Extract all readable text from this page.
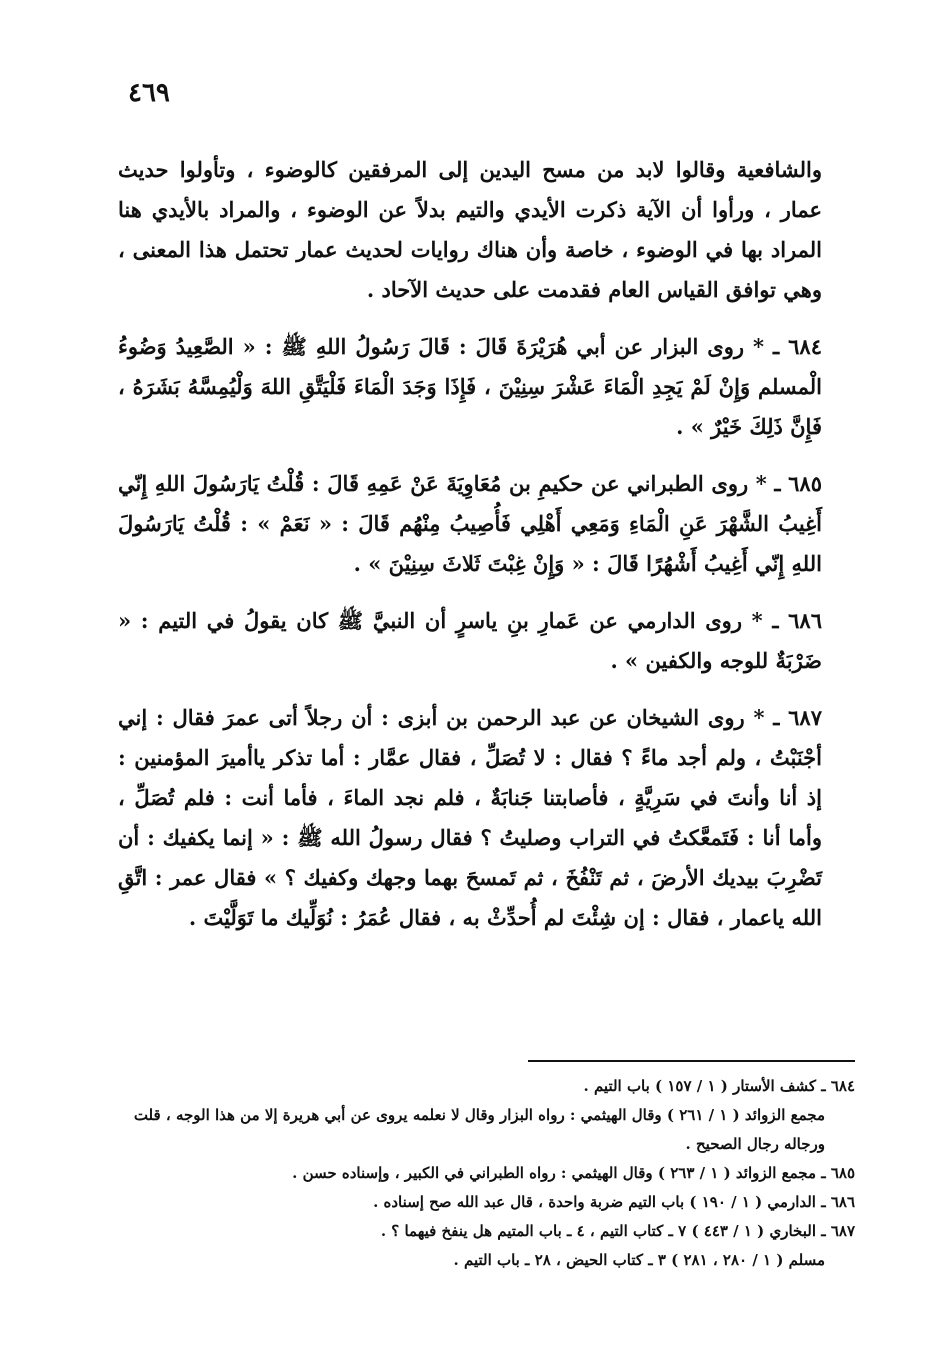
٤٦٩

والشافعية وقالوا لابد من مسح اليدين إلى المرفقين كالوضوء ، وتأولوا حديث عمار ، ورأوا أن الآية ذكرت الأيدي والتيم بدلاً عن الوضوء ، والمراد بالأيدي هنا المراد بها في الوضوء ، خاصة وأن هناك روايات لحديث عمار تحتمل هذا المعنى ، وهي توافق القياس العام فقدمت على حديث الآحاد .

٦٨٤ ـ * روى البزار عن أبي هُرَيْرَةَ قَالَ : قَالَ رَسُولُ اللهِ ﷺ : « الصَّعِيدُ وَضُوءُ الْمسلم وَإِنْ لَمْ يَجِدِ الْمَاءَ عَشْرَ سِنِيْنَ ، فَإِذَا وَجَدَ الْمَاءَ فَلْيَتَّقِ اللهَ وَلْيُمِسَّهُ بَشَرَهُ ، فَإِنَّ ذَلِكَ خَيْرٌ » .

٦٨٥ ـ * روى الطبراني عن حكيمِ بن مُعَاوِيَةَ عَنْ عَمِهِ قَالَ : قُلْتُ يَارَسُولَ اللهِ إِنّي أَغِيبُ الشَّهْرَ عَنِ الْمَاءِ وَمَعِي أَهْلِي فَأُصِيبُ مِنْهُم قَالَ : « نَعَمْ » : قُلْتُ يَارَسُولَ اللهِ إِنّي أَغِيبُ أَشْهُرًا قَالَ : « وَإِنْ غِبْتَ ثَلاثَ سِنِيْنَ » .

٦٨٦ ـ * روى الدارمي عن عَمارِ بنِ ياسرٍ أن النبيَّ ﷺ كان يقولُ في التيم : « ضَرْبَةٌ للوجه والكفين » .

٦٨٧ ـ * روى الشيخان عن عبد الرحمن بن أبزى : أن رجلاً أتى عمرَ فقال : إني أجْنَبْتُ ، ولم أجد ماءً ؟ فقال : لا تُصَلِّ ، فقال عمَّار : أما تذكر ياأميرَ المؤمنين : إذ أنا وأنتَ في سَرِيَّةٍ ، فأصابتنا جَنابَةٌ ، فلم نجد الماءَ ، فأما أنت : فلم تُصَلِّ ، وأما أنا : فَتَمعَّكتُ في التراب وصليتُ ؟ فقال رسولُ الله ﷺ : « إنما يكفيك : أن تَضْرِبَ بيديك الأرضَ ، ثم تَنْفُخَ ، ثم تَمسحَ بهما وجهك وكفيك ؟ » فقال عمر : اتَّقِ الله ياعمار ، فقال : إن شِئْتَ لم أُحدِّثْ به ، فقال عُمَرُ : نُوَلِّيك ما تَوَلَّيْتَ .

٦٨٤ ـ كشف الأستار ( ١ / ١٥٧ ) باب التيم .

مجمع الزوائد ( ١ / ٢٦١ ) وقال الهيثمي : رواه البزار وقال لا نعلمه يروى عن أبي هريرة إلا من هذا الوجه ، قلت ورجاله رجال الصحيح .

٦٨٥ ـ مجمع الزوائد ( ١ / ٢٦٣ ) وقال الهيثمي : رواه الطبراني في الكبير ، وإسناده حسن .

٦٨٦ ـ الدارمي ( ١ / ١٩٠ ) باب التيم ضربة واحدة ، قال عبد الله صح إسناده .

٦٨٧ ـ البخاري ( ١ / ٤٤٣ ) ٧ ـ كتاب التيم ، ٤ ـ باب المتيم هل ينفخ فيهما ؟ .

مسلم ( ١ / ٢٨٠ ، ٢٨١ ) ٣ ـ كتاب الحيض ، ٢٨ ـ باب التيم .
